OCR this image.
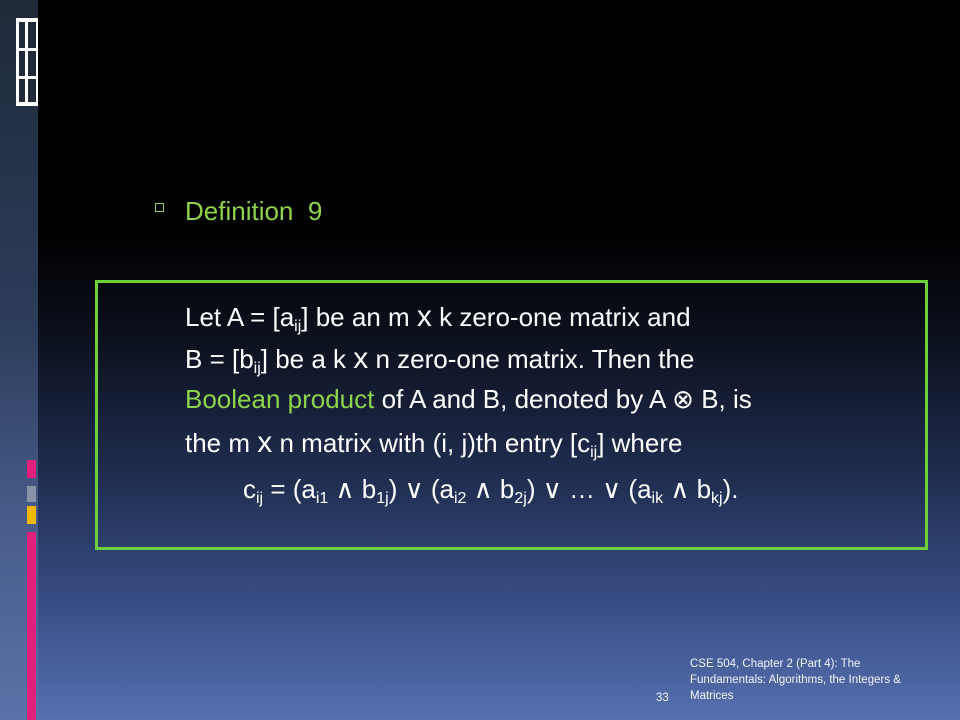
Definition  9
Let $A = [a_{ij}]$ be an m x k zero-one matrix and
$B = [b_{ij}]$ be a k x n zero-one matrix. Then the
Boolean product of A and B, denoted by A ⊗ B, is
the m x n matrix with (i, j)th entry $[c_{ij}]$ where
$c_{ij} = (a_{i1}$ ∧ $b_{1j}$) ∨ ($a_{i2}$ ∧ $b_{2j}$) ∨ … ∨ ($a_{ik}$ ∧ $b_{kj}$).
CSE 504, Chapter 2 (Part 4): The Fundamentals: Algorithms, the Integers & Matrices
33
